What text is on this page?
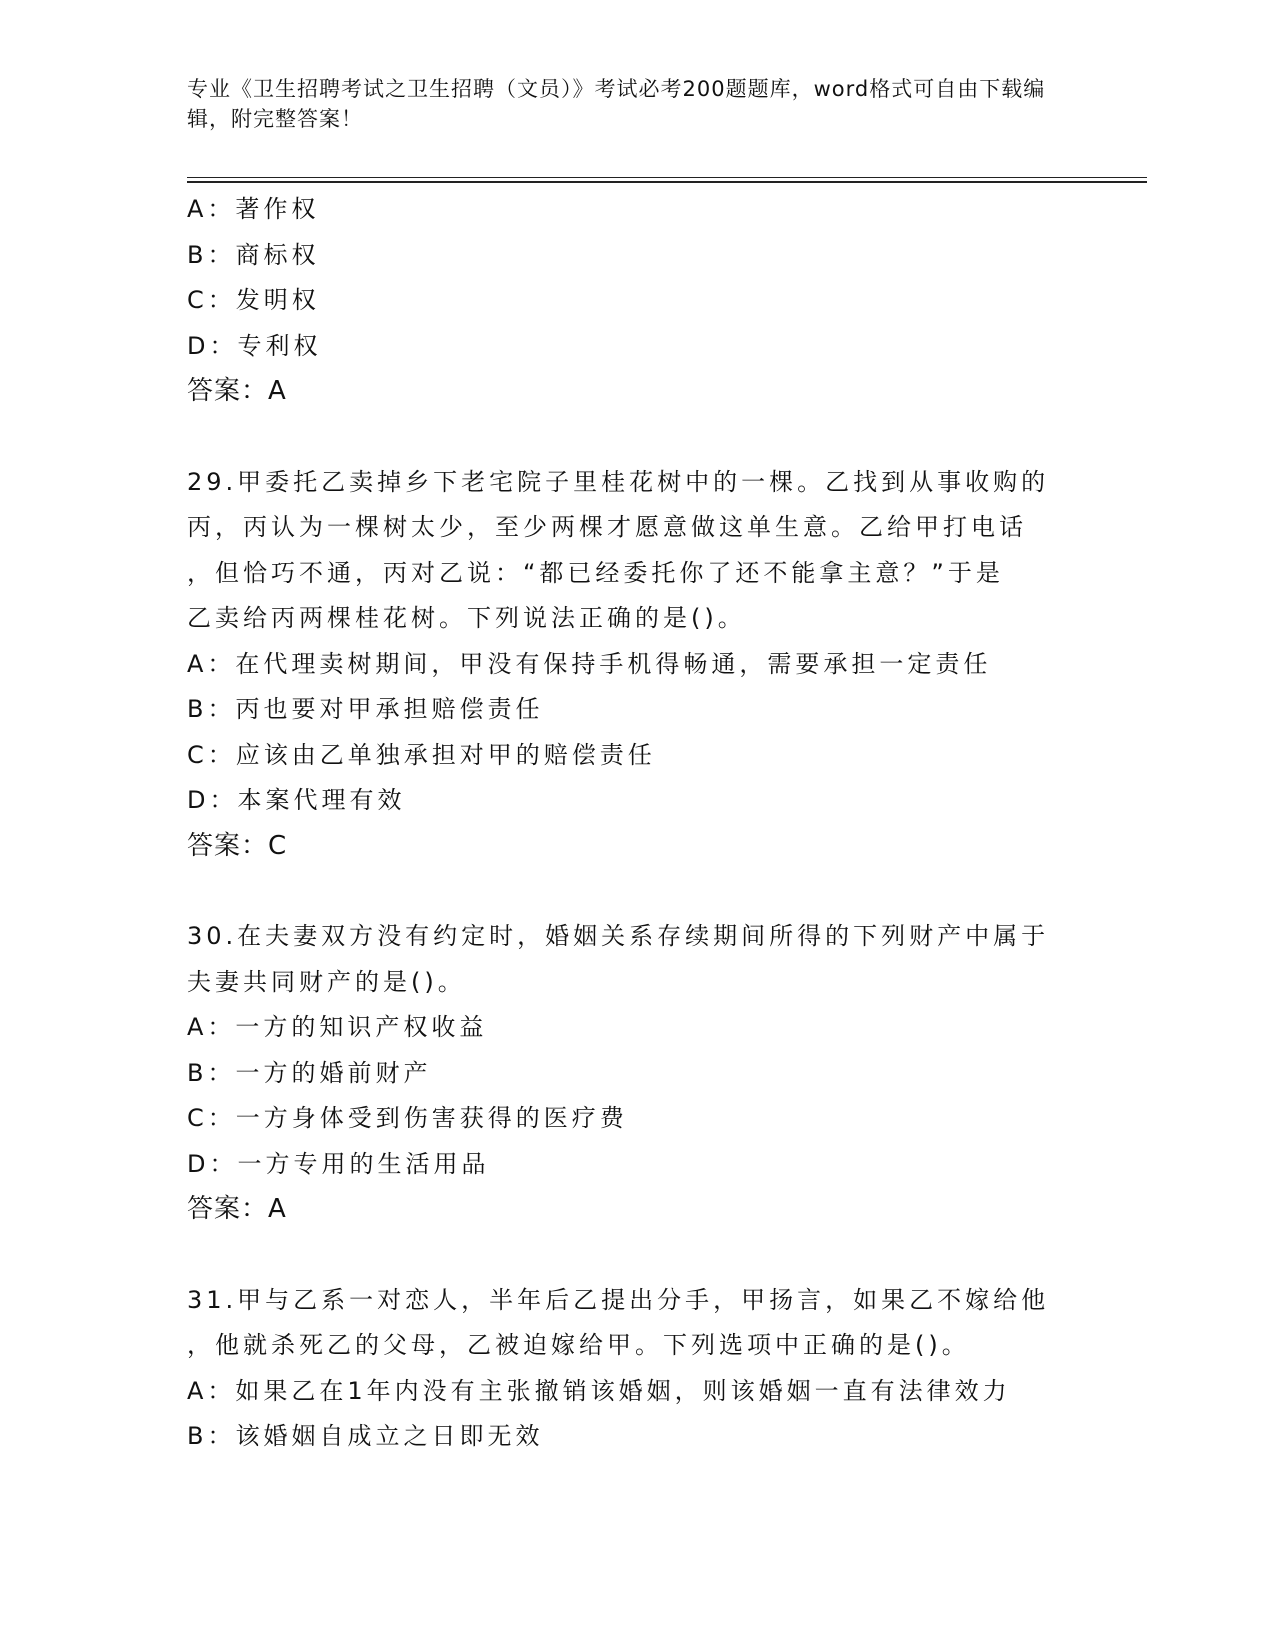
专业《卫生招聘考试之卫生招聘（文员）》考试必考200题题库，word格式可自由下载编辑，附完整答案！
A：著作权
B：商标权
C：发明权
D：专利权
答案：A
29.甲委托乙卖掉乡下老宅院子里桂花树中的一棵。乙找到从事收购的
丙，丙认为一棵树太少，至少两棵才愿意做这单生意。乙给甲打电话
，但恰巧不通，丙对乙说：“都已经委托你了还不能拿主意？”于是
乙卖给丙两棵桂花树。下列说法正确的是()。
A：在代理卖树期间，甲没有保持手机得畅通，需要承担一定责任
B：丙也要对甲承担赔偿责任
C：应该由乙单独承担对甲的赔偿责任
D：本案代理有效
答案：C
30.在夫妻双方没有约定时，婚姻关系存续期间所得的下列财产中属于
夫妻共同财产的是()。
A：一方的知识产权收益
B：一方的婚前财产
C：一方身体受到伤害获得的医疗费
D：一方专用的生活用品
答案：A
31.甲与乙系一对恋人，半年后乙提出分手，甲扬言，如果乙不嫁给他
，他就杀死乙的父母，乙被迫嫁给甲。下列选项中正确的是()。
A：如果乙在1年内没有主张撤销该婚姻，则该婚姻一直有法律效力
B：该婚姻自成立之日即无效
